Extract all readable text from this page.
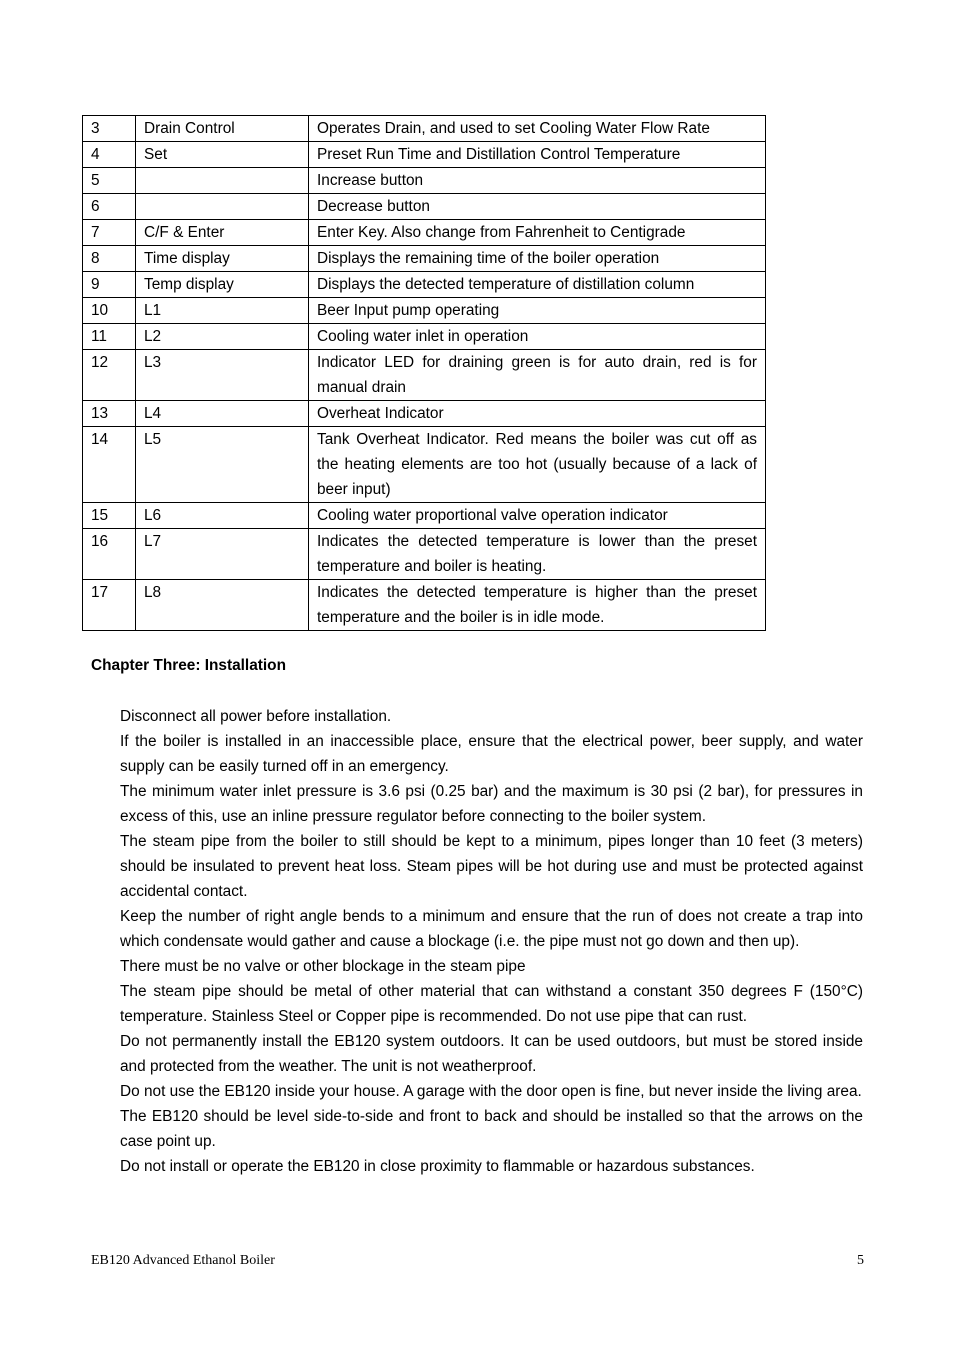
3	Drain Control	Operates Drain, and used to set Cooling Water Flow Rate
4	Set	Preset Run Time and Distillation Control Temperature
5		Increase button
6		Decrease button
7	C/F & Enter	Enter Key. Also change from Fahrenheit to Centigrade
8	Time display	Displays the remaining time of the boiler operation
9	Temp display	Displays the detected temperature of distillation column
10	L1	Beer Input pump operating
11	L2	Cooling water inlet in operation
12	L3	Indicator LED for draining green is for auto drain, red is for manual drain
13	L4	Overheat Indicator
14	L5	Tank Overheat Indicator. Red means the boiler was cut off as the heating elements are too hot (usually because of a lack of beer input)
15	L6	Cooling water proportional valve operation indicator
16	L7	Indicates the detected temperature is lower than the preset temperature and boiler is heating.
17	L8	Indicates the detected temperature is higher than the preset temperature and the boiler is in idle mode.
Chapter Three: Installation

Disconnect all power before installation.

If the boiler is installed in an inaccessible place, ensure that the electrical power, beer supply, and water supply can be easily turned off in an emergency.

The minimum water inlet pressure is 3.6 psi (0.25 bar) and the maximum is 30 psi (2 bar), for pressures in excess of this, use an inline pressure regulator before connecting to the boiler system.

The steam pipe from the boiler to still should be kept to a minimum, pipes longer than 10 feet (3 meters) should be insulated to prevent heat loss. Steam pipes will be hot during use and must be protected against accidental contact.

Keep the number of right angle bends to a minimum and ensure that the run of does not create a trap into which condensate would gather and cause a blockage (i.e. the pipe must not go down and then up).

There must be no valve or other blockage in the steam pipe

The steam pipe should be metal of other material that can withstand a constant 350 degrees F (150°C) temperature. Stainless Steel or Copper pipe is recommended. Do not use pipe that can rust.

Do not permanently install the EB120 system outdoors. It can be used outdoors, but must be stored inside and protected from the weather. The unit is not weatherproof.

Do not use the EB120 inside your house. A garage with the door open is fine, but never inside the living area.

The EB120 should be level side-to-side and front to back and should be installed so that the arrows on the case point up.

Do not install or operate the EB120 in close proximity to flammable or hazardous substances.

EB120 Advanced Ethanol Boiler	5
